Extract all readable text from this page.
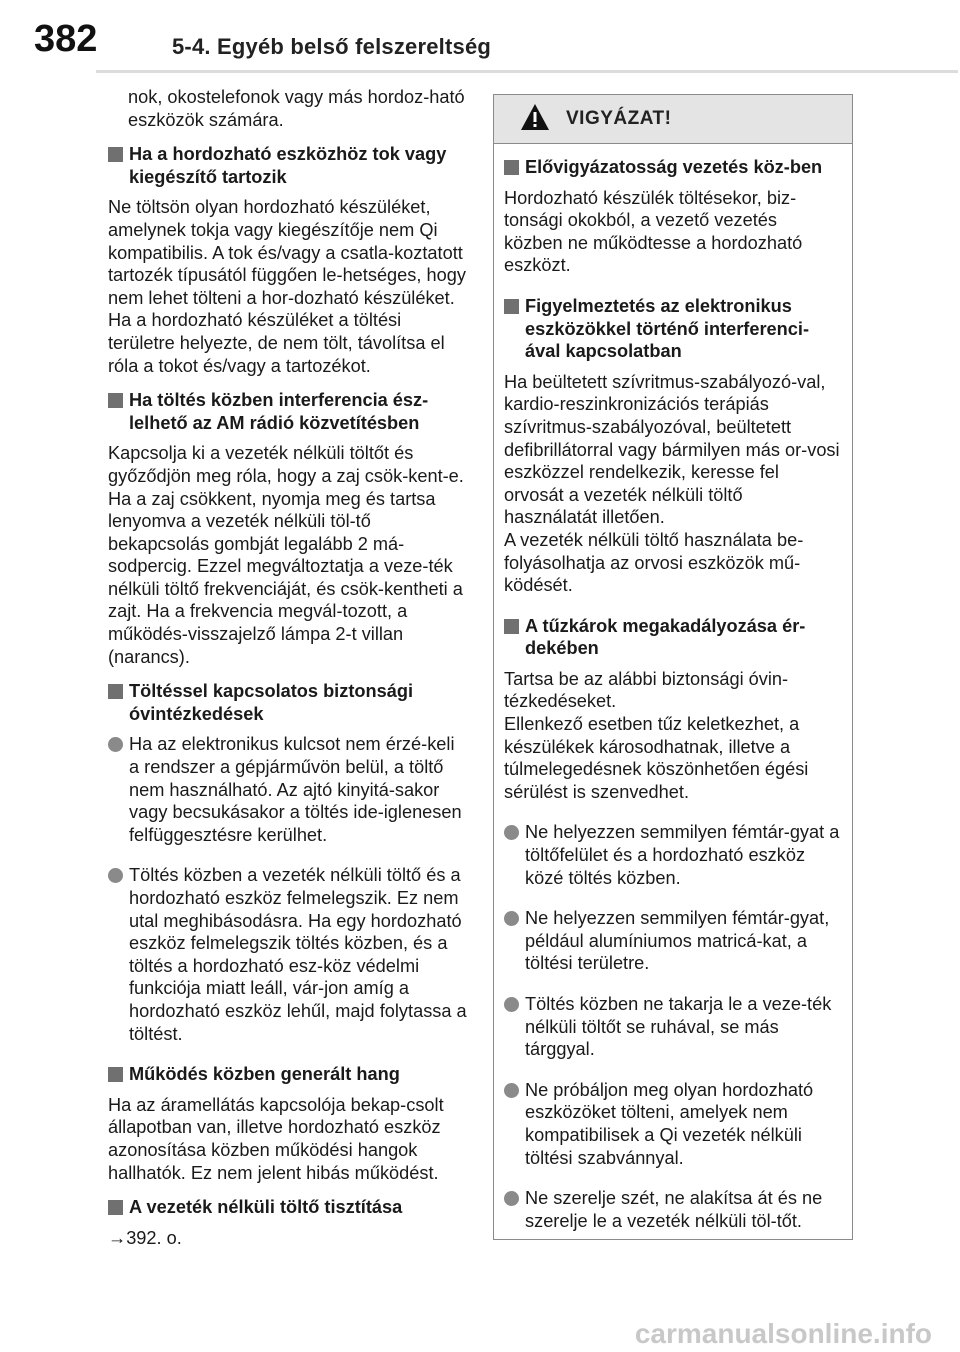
382	5-4. Egyéb belső felszereltség

nok, okostelefonok vagy más hordoz-ható eszközök számára.

Ha a hordozható eszközhöz tok vagy kiegészítő tartozik

Ne töltsön olyan hordozható készüléket, amelynek tokja vagy kiegészítője nem Qi kompatibilis. A tok és/vagy a csatla-koztatott tartozék típusától függően le-hetséges, hogy nem lehet tölteni a hor-dozható készüléket. Ha a hordozható készüléket a töltési területre helyezte, de nem tölt, távolítsa el róla a tokot és/vagy a tartozékot.

Ha töltés közben interferencia ész-lelhető az AM rádió közvetítésben

Kapcsolja ki a vezeték nélküli töltőt és győződjön meg róla, hogy a zaj csök-kent-e. Ha a zaj csökkent, nyomja meg és tartsa lenyomva a vezeték nélküli töl-tő bekapcsolás gombját legalább 2 má-sodpercig. Ezzel megváltoztatja a veze-ték nélküli töltő frekvenciáját, és csök-kentheti a zajt. Ha a frekvencia megvál-tozott, a működés-visszajelző lámpa 2-t villan (narancs).

Töltéssel kapcsolatos biztonsági óvintézkedések
Ha az elektronikus kulcsot nem érzé-keli a rendszer a gépjárművön belül, a töltő nem használható. Az ajtó kinyitá-sakor vagy becsukásakor a töltés ide-iglenesen felfüggesztésre kerülhet.
Töltés közben a vezeték nélküli töltő és a hordozható eszköz felmelegszik. Ez nem utal meghibásodásra. Ha egy hordozható eszköz felmelegszik töltés közben, és a töltés a hordozható esz-köz védelmi funkciója miatt leáll, vár-jon amíg a hordozható eszköz lehűl, majd folytassa a töltést.
Működés közben generált hang

Ha az áramellátás kapcsolója bekap-csolt állapotban van, illetve hordozható eszköz azonosítása közben működési hangok hallhatók. Ez nem jelent hibás működést.

A vezeték nélküli töltő tisztítása

→392. o.

VIGYÁZAT!
Elővigyázatosság vezetés köz-ben

Hordozható készülék töltésekor, biz-tonsági okokból, a vezető vezetés közben ne működtesse a hordozható eszközt.

Figyelmeztetés az elektronikus eszközökkel történő interferenci-ával kapcsolatban

Ha beültetett szívritmus-szabályozó-val, kardio-reszinkronizációs terápiás szívritmus-szabályozóval, beültetett defibrillátorral vagy bármilyen más or-vosi eszközzel rendelkezik, keresse fel orvosát a vezeték nélküli töltő használatát illetően.

A vezeték nélküli töltő használata be-folyásolhatja az orvosi eszközök mű-ködését.

A tűzkárok megakadályozása ér-dekében

Tartsa be az alábbi biztonsági óvin-tézkedéseket.

Ellenkező esetben tűz keletkezhet, a készülékek károsodhatnak, illetve a túlmelegedésnek köszönhetően égési sérülést is szenvedhet.

Ne helyezzen semmilyen fémtár-gyat a töltőfelület és a hordozható eszköz közé töltés közben.
Ne helyezzen semmilyen fémtár-gyat, például alumíniumos matricá-kat, a töltési területre.
Töltés közben ne takarja le a veze-ték nélküli töltőt se ruhával, se más tárggyal.
Ne próbáljon meg olyan hordozható eszközöket tölteni, amelyek nem kompatibilisek a Qi vezeték nélküli töltési szabvánnyal.
Ne szerelje szét, ne alakítsa át és ne szerelje le a vezeték nélküli töl-tőt.
carmanualsonline.info
